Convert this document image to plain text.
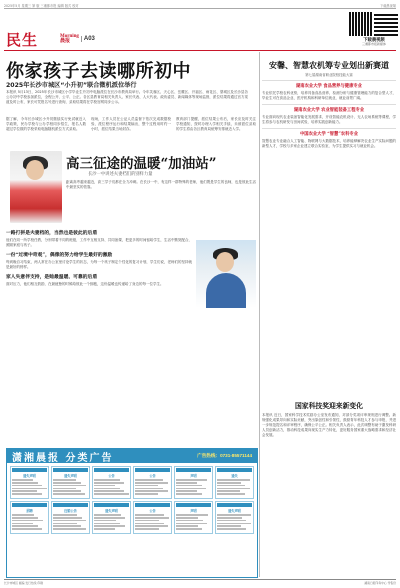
2025年5月 星期三 第 版 三湘都市报 编辑 版式 校对	下载晨视频
民生	Morning
晨报	A03	下载晨视频
三湘都市报新媒体
你家孩子去读哪所初中
2025年长沙市城区“小升初”联合微机派位举行

本报讯 5月13日，2025年长沙市城区小学毕业生升初中电脑派位在长沙市教育局举行。今年芙蓉区、天心区、岳麓区、开福区、雨花区、望城区及长沙县各公办初中学校参加派位，全程公开、公平、公正。各区县教育局相关负责人、家长代表、人大代表、政协委员、新闻媒体等现场监督，派位结果将通过官方渠道及时公布，家长可凭报名号进行查询，录取结果将在学校官网同步公示。

据了解，今年长沙城区小升初继续实行免试就近入学政策，民办学校与公办学校同步招生，报名人数超过学位数的学校采取电脑随机派位方式录取。

现场，工作人员在公证人员监督下依次完成数据校验、派位程序运行和结果输出，整个过程用时约一小时，派位结果当场封存。

教育部门提醒，派位结果公布后，家长应及时关注学校通知，按时办理入学相关手续，未被派位录取的学生将由各区教育局统筹安排就近入学。

安馨、智慧农机筹专业划出新赛道
第七届湖南省职业院校技能大赛
湖南农业大学 食品营养与健康专业

专业依托学校农科优势，培养具备食品营养、检测分析与健康管理能力的复合型人才，毕业生可在食品企业、医疗机构和科研单位就业，就业前景广阔。

湖南农业大学 农业智能装备工程专业

专业面向现代农业装备智能化发展需求，开设智能农机设计、无人农场系统等课程，学生将参与农机研发与田间试验，培养实践创新能力。

中国农业大学 “智慧”农科专业

智慧农业专业融合人工智能、物联网与大数据技术，培养能够解决农业生产实际问题的新型人才，学校与多家企业建立联合实验室，为学生提供实习与就业机会。

高三征途的温暖“加油站”
长沙一中讲述夫妻档们的别样力量

距离高考越来越近，高三学子们都在全力冲刺。在长沙一中，有这样一群特殊的老师，他们既是学生的良师，也是彼此生活中最坚实的依靠。

一路打拼是夫妻档的，当然也是彼此的后盾

他们在同一所学校任教，分别带着不同的班级，工作中互相支持、共同备课，把更多的时间留给学生，生活中默契配合，照顾家庭与孩子。

一份“过境中奇观”，偶像的努力给学生最好的激励

每到晚自习结束，两人常在办公室里讨论学生的状态，为每一个孩子制定个性化的复习计划，学生们说，老师们的坚持就是最好的榜样。

家人失意伴支持，是她最温暖、可靠的后盾

面对压力，他们相互鼓励，在最疲惫的时候给彼此一个拥抱，这份温暖也传递给了身边的每一位学生。

潇湘晨报 分类广告	广告热线：0731-85571144
遗失声明	遗失声明	公告	公告	声明	遗失
招聘	注销公告	遗失声明	公告	声明	遗失声明
国家科技奖迎来新变化

本报讯 近日，国家科学技术奖励办公室发布通知，对部分奖项评审规则进行调整。新规强化成果导向和实际贡献，突出原创性和引领性，鼓励青年科技人才参与申报，并进一步规范提名和评审程序，确保公平公正。相关负责人表示，此次调整有助于激发科研人员创新活力，推动科技成果向现实生产力转化，更好服务国家重大战略需求和经济社会发展。

长沙市城区 邮编 发行热线 印刷	湖南日报印务中心 零售价
